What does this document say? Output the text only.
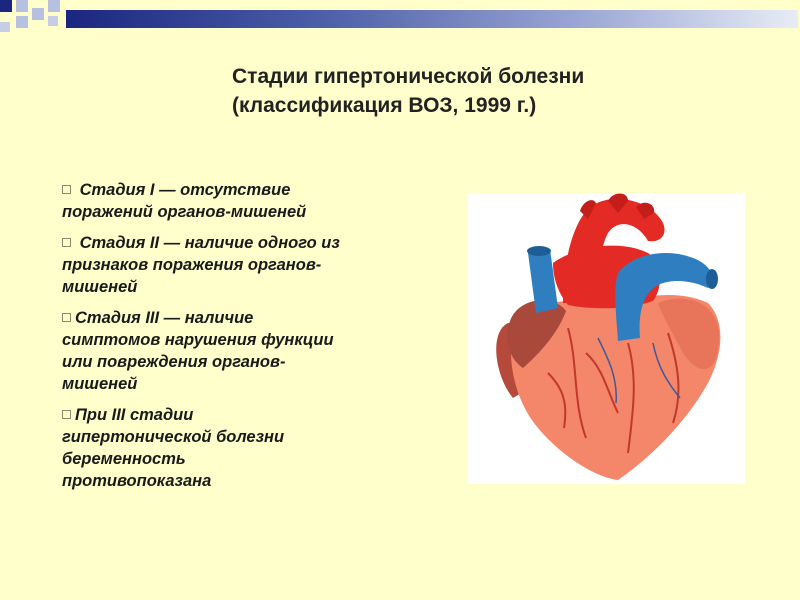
Стадии гипертонической болезни
(классификация ВОЗ, 1999 г.)
Стадия I — отсутствие
поражений органов-мишеней
Стадия II — наличие одного из
признаков поражения органов-
мишеней
Стадия III — наличие
симптомов нарушения функции
или повреждения органов-
мишеней
При III стадии
гипертонической болезни
беременность
противопоказана
